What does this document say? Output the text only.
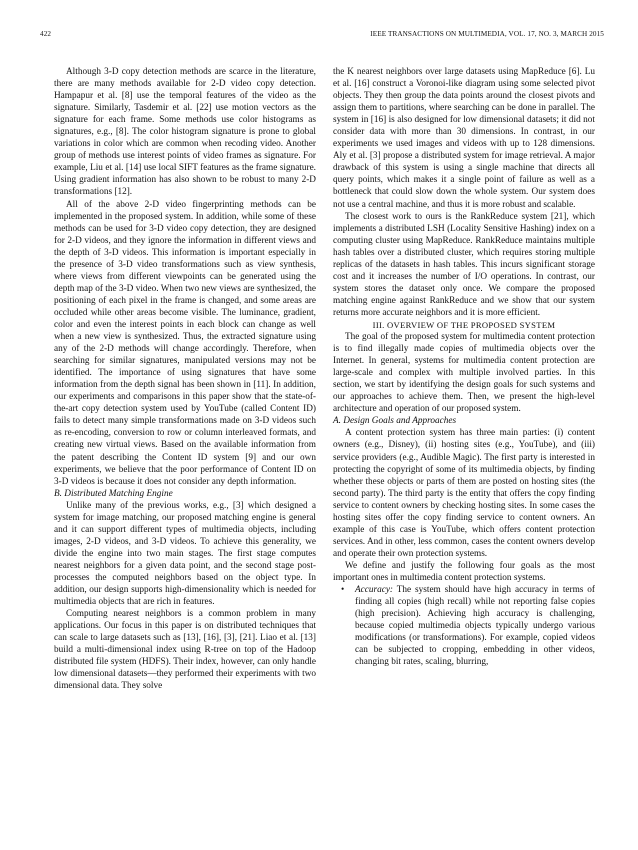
422	IEEE TRANSACTIONS ON MULTIMEDIA, VOL. 17, NO. 3, MARCH 2015

Although 3-D copy detection methods are scarce in the literature, there are many methods available for 2-D video copy detection. Hampapur et al. [8] use the temporal features of the video as the signature. Similarly, Tasdemir et al. [22] use motion vectors as the signature for each frame. Some methods use color histograms as signatures, e.g., [8]. The color histogram signature is prone to global variations in color which are common when recoding video. Another group of methods use interest points of video frames as signature. For example, Liu et al. [14] use local SIFT features as the frame signature. Using gradient information has also shown to be robust to many 2-D transformations [12].

All of the above 2-D video fingerprinting methods can be implemented in the proposed system. In addition, while some of these methods can be used for 3-D video copy detection, they are designed for 2-D videos, and they ignore the information in different views and the depth of 3-D videos. This information is important especially in the presence of 3-D video transformations such as view synthesis, where views from different viewpoints can be generated using the depth map of the 3-D video. When two new views are synthesized, the positioning of each pixel in the frame is changed, and some areas are occluded while other areas become visible. The luminance, gradient, color and even the interest points in each block can change as well when a new view is synthesized. Thus, the extracted signature using any of the 2-D methods will change accordingly. Therefore, when searching for similar signatures, manipulated versions may not be identified. The importance of using signatures that have some information from the depth signal has been shown in [11]. In addition, our experiments and comparisons in this paper show that the state-of-the-art copy detection system used by YouTube (called Content ID) fails to detect many simple transformations made on 3-D videos such as re-encoding, conversion to row or column interleaved formats, and creating new virtual views. Based on the available information from the patent describing the Content ID system [9] and our own experiments, we believe that the poor performance of Content ID on 3-D videos is because it does not consider any depth information.

B. Distributed Matching Engine

Unlike many of the previous works, e.g., [3] which designed a system for image matching, our proposed matching engine is general and it can support different types of multimedia objects, including images, 2-D videos, and 3-D videos. To achieve this generality, we divide the engine into two main stages. The first stage computes nearest neighbors for a given data point, and the second stage post-processes the computed neighbors based on the object type. In addition, our design supports high-dimensionality which is needed for multimedia objects that are rich in features.

Computing nearest neighbors is a common problem in many applications. Our focus in this paper is on distributed techniques that can scale to large datasets such as [13], [16], [3], [21]. Liao et al. [13] build a multi-dimensional index using R-tree on top of the Hadoop distributed file system (HDFS). Their index, however, can only handle low dimensional datasets—they performed their experiments with two dimensional data. They solve

the K nearest neighbors over large datasets using MapReduce [6]. Lu et al. [16] construct a Voronoi-like diagram using some selected pivot objects. They then group the data points around the closest pivots and assign them to partitions, where searching can be done in parallel. The system in [16] is also designed for low dimensional datasets; it did not consider data with more than 30 dimensions. In contrast, in our experiments we used images and videos with up to 128 dimensions. Aly et al. [3] propose a distributed system for image retrieval. A major drawback of this system is using a single machine that directs all query points, which makes it a single point of failure as well as a bottleneck that could slow down the whole system. Our system does not use a central machine, and thus it is more robust and scalable.

The closest work to ours is the RankReduce system [21], which implements a distributed LSH (Locality Sensitive Hashing) index on a computing cluster using MapReduce. RankReduce maintains multiple hash tables over a distributed cluster, which requires storing multiple replicas of the datasets in hash tables. This incurs significant storage cost and it increases the number of I/O operations. In contrast, our system stores the dataset only once. We compare the proposed matching engine against RankReduce and we show that our system returns more accurate neighbors and it is more efficient.

III. OVERVIEW OF THE PROPOSED SYSTEM

The goal of the proposed system for multimedia content protection is to find illegally made copies of multimedia objects over the Internet. In general, systems for multimedia content protection are large-scale and complex with multiple involved parties. In this section, we start by identifying the design goals for such systems and our approaches to achieve them. Then, we present the high-level architecture and operation of our proposed system.

A. Design Goals and Approaches

A content protection system has three main parties: (i) content owners (e.g., Disney), (ii) hosting sites (e.g., YouTube), and (iii) service providers (e.g., Audible Magic). The first party is interested in protecting the copyright of some of its multimedia objects, by finding whether these objects or parts of them are posted on hosting sites (the second party). The third party is the entity that offers the copy finding service to content owners by checking hosting sites. In some cases the hosting sites offer the copy finding service to content owners. An example of this case is YouTube, which offers content protection services. And in other, less common, cases the content owners develop and operate their own protection systems.

We define and justify the following four goals as the most important ones in multimedia content protection systems.

• Accuracy: The system should have high accuracy in terms of finding all copies (high recall) while not reporting false copies (high precision). Achieving high accuracy is challenging, because copied multimedia objects typically undergo various modifications (or transformations). For example, copied videos can be subjected to cropping, embedding in other videos, changing bit rates, scaling, blurring,
